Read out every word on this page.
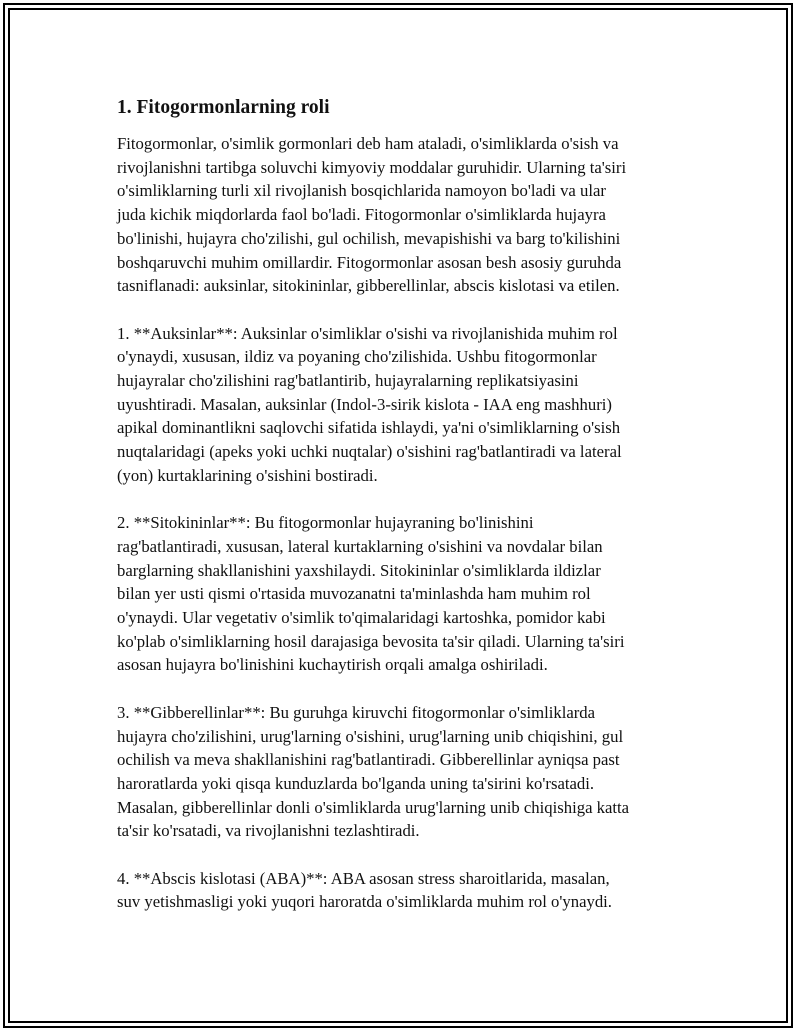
1. Fitogormonlarning roli

Fitogormonlar, o'simlik gormonlari deb ham ataladi, o'simliklarda o'sish va
rivojlanishni tartibga soluvchi kimyoviy moddalar guruhidir. Ularning ta'siri
o'simliklarning turli xil rivojlanish bosqichlarida namoyon bo'ladi va ular
juda kichik miqdorlarda faol bo'ladi. Fitogormonlar o'simliklarda hujayra
bo'linishi, hujayra cho'zilishi, gul ochilish, mevapishishi va barg to'kilishini
boshqaruvchi muhim omillardir. Fitogormonlar asosan besh asosiy guruhda
tasniflanadi: auksinlar, sitokininlar, gibberellinlar, abscis kislotasi va etilen.

1. **Auksinlar**: Auksinlar o'simliklar o'sishi va rivojlanishida muhim rol
o'ynaydi, xususan, ildiz va poyaning cho'zilishida. Ushbu fitogormonlar
hujayralar cho'zilishini rag'batlantirib, hujayralarning replikatsiyasini
uyushtiradi. Masalan, auksinlar (Indol-3-sirik kislota - IAA eng mashhuri)
apikal dominantlikni saqlovchi sifatida ishlaydi, ya'ni o'simliklarning o'sish
nuqtalaridagi (apeks yoki uchki nuqtalar) o'sishini rag'batlantiradi va lateral
(yon) kurtaklarining o'sishini bostiradi.

2. **Sitokininlar**: Bu fitogormonlar hujayraning bo'linishini
rag'batlantiradi, xususan, lateral kurtaklarning o'sishini va novdalar bilan
barglarning shakllanishini yaxshilaydi. Sitokininlar o'simliklarda ildizlar
bilan yer usti qismi o'rtasida muvozanatni ta'minlashda ham muhim rol
o'ynaydi. Ular vegetativ o'simlik to'qimalaridagi kartoshka, pomidor kabi
ko'plab o'simliklarning hosil darajasiga bevosita ta'sir qiladi. Ularning ta'siri
asosan hujayra bo'linishini kuchaytirish orqali amalga oshiriladi.

3. **Gibberellinlar**: Bu guruhga kiruvchi fitogormonlar o'simliklarda
hujayra cho'zilishini, urug'larning o'sishini, urug'larning unib chiqishini, gul
ochilish va meva shakllanishini rag'batlantiradi. Gibberellinlar ayniqsa past
haroratlarda yoki qisqa kunduzlarda bo'lganda uning ta'sirini ko'rsatadi.
Masalan, gibberellinlar donli o'simliklarda urug'larning unib chiqishiga katta
ta'sir ko'rsatadi, va rivojlanishni tezlashtiradi.

4. **Abscis kislotasi (ABA)**: ABA asosan stress sharoitlarida, masalan,
suv yetishmasligi yoki yuqori haroratda o'simliklarda muhim rol o'ynaydi.
